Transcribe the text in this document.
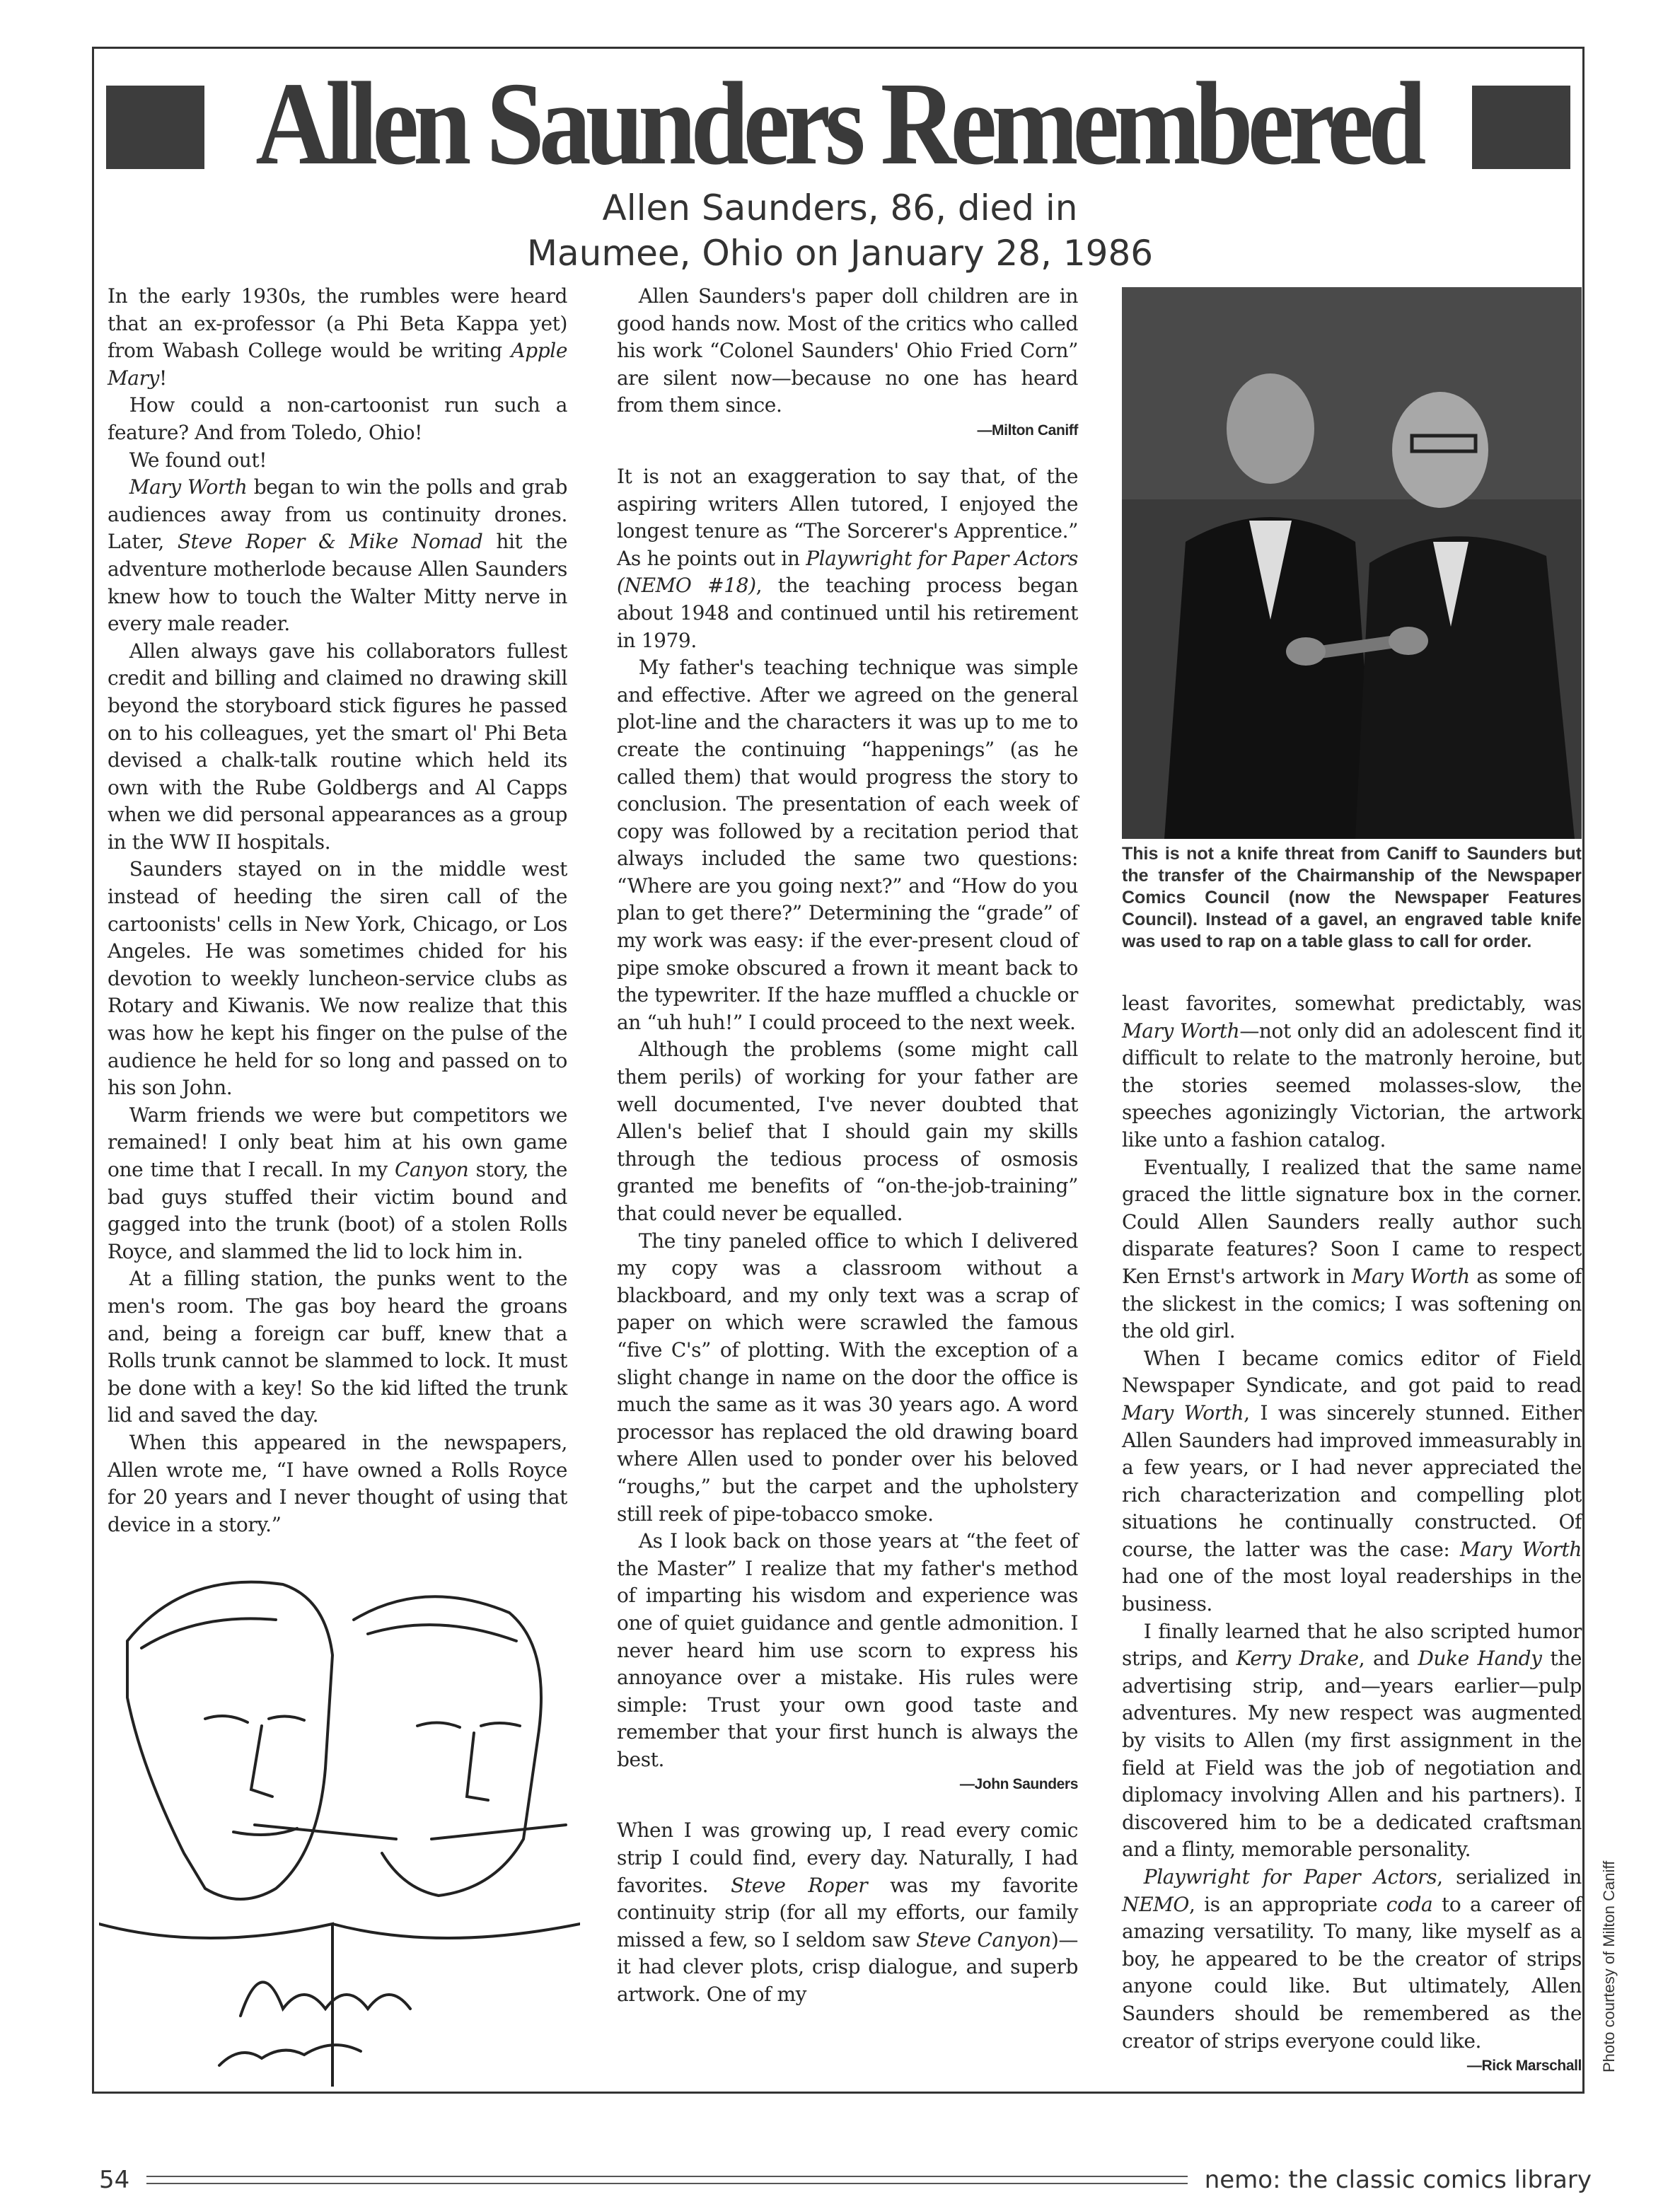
Allen Saunders Remembered
Allen Saunders, 86, died in
Maumee, Ohio on January 28, 1986

In the early 1930s, the rumbles were heard that an ex-professor (a Phi Beta Kappa yet) from Wabash College would be writing Apple Mary!

How could a non-cartoonist run such a feature? And from Toledo, Ohio!

We found out!

Mary Worth began to win the polls and grab audiences away from us continuity drones. Later, Steve Roper & Mike Nomad hit the adventure motherlode because Allen Saunders knew how to touch the Walter Mitty nerve in every male reader.

Allen always gave his collaborators fullest credit and billing and claimed no drawing skill beyond the storyboard stick figures he passed on to his colleagues, yet the smart ol' Phi Beta devised a chalk-talk routine which held its own with the Rube Goldbergs and Al Capps when we did personal appearances as a group in the WW II hospitals.

Saunders stayed on in the middle west instead of heeding the siren call of the cartoonists' cells in New York, Chicago, or Los Angeles. He was sometimes chided for his devotion to weekly luncheon-service clubs as Rotary and Kiwanis. We now realize that this was how he kept his finger on the pulse of the audience he held for so long and passed on to his son John.

Warm friends we were but competitors we remained! I only beat him at his own game one time that I recall. In my Canyon story, the bad guys stuffed their victim bound and gagged into the trunk (boot) of a stolen Rolls Royce, and slammed the lid to lock him in.

At a filling station, the punks went to the men's room. The gas boy heard the groans and, being a foreign car buff, knew that a Rolls trunk cannot be slammed to lock. It must be done with a key! So the kid lifted the trunk lid and saved the day.

When this appeared in the newspapers, Allen wrote me, “I have owned a Rolls Royce for 20 years and I never thought of using that device in a story.”

Allen Saunders's paper doll children are in good hands now. Most of the critics who called his work “Colonel Saunders' Ohio Fried Corn” are silent now—because no one has heard from them since.

—Milton Caniff

It is not an exaggeration to say that, of the aspiring writers Allen tutored, I enjoyed the longest tenure as “The Sorcerer's Apprentice.” As he points out in Playwright for Paper Actors (NEMO #18), the teaching process began about 1948 and continued until his retirement in 1979.

My father's teaching technique was simple and effective. After we agreed on the general plot-line and the characters it was up to me to create the continuing “happenings” (as he called them) that would progress the story to conclusion. The presentation of each week of copy was followed by a recitation period that always included the same two questions: “Where are you going next?” and “How do you plan to get there?” Determining the “grade” of my work was easy: if the ever-present cloud of pipe smoke obscured a frown it meant back to the typewriter. If the haze muffled a chuckle or an “uh huh!” I could proceed to the next week.

Although the problems (some might call them perils) of working for your father are well documented, I've never doubted that Allen's belief that I should gain my skills through the tedious process of osmosis granted me benefits of “on-the-job-training” that could never be equalled.

The tiny paneled office to which I delivered my copy was a classroom without a blackboard, and my only text was a scrap of paper on which were scrawled the famous “five C's” of plotting. With the exception of a slight change in name on the door the office is much the same as it was 30 years ago. A word processor has replaced the old drawing board where Allen used to ponder over his beloved “roughs,” but the carpet and the upholstery still reek of pipe-tobacco smoke.

As I look back on those years at “the feet of the Master” I realize that my father's method of imparting his wisdom and experience was one of quiet guidance and gentle admonition. I never heard him use scorn to express his annoyance over a mistake. His rules were simple: Trust your own good taste and remember that your first hunch is always the best.

—John Saunders

When I was growing up, I read every comic strip I could find, every day. Naturally, I had favorites. Steve Roper was my favorite continuity strip (for all my efforts, our family missed a few, so I seldom saw Steve Canyon)—it had clever plots, crisp dialogue, and superb artwork. One of my

This is not a knife threat from Caniff to Saunders but the transfer of the Chairmanship of the Newspaper Comics Council (now the Newspaper Features Council). Instead of a gavel, an engraved table knife was used to rap on a table glass to call for order.

least favorites, somewhat predictably, was Mary Worth—not only did an adolescent find it difficult to relate to the matronly heroine, but the stories seemed molasses-slow, the speeches agonizingly Victorian, the artwork like unto a fashion catalog.

Eventually, I realized that the same name graced the little signature box in the corner. Could Allen Saunders really author such disparate features? Soon I came to respect Ken Ernst's artwork in Mary Worth as some of the slickest in the comics; I was softening on the old girl.

When I became comics editor of Field Newspaper Syndicate, and got paid to read Mary Worth, I was sincerely stunned. Either Allen Saunders had improved immeasurably in a few years, or I had never appreciated the rich characterization and compelling plot situations he continually constructed. Of course, the latter was the case: Mary Worth had one of the most loyal readerships in the business.

I finally learned that he also scripted humor strips, and Kerry Drake, and Duke Handy the advertising strip, and—years earlier—pulp adventures. My new respect was augmented by visits to Allen (my first assignment in the field at Field was the job of negotiation and diplomacy involving Allen and his partners). I discovered him to be a dedicated craftsman and a flinty, memorable personality.

Playwright for Paper Actors, serialized in NEMO, is an appropriate coda to a career of amazing versatility. To many, like myself as a boy, he appeared to be the creator of strips anyone could like. But ultimately, Allen Saunders should be remembered as the creator of strips everyone could like.

—Rick Marschall Photo courtesy of Milton Caniff
54	nemo: the classic comics library
